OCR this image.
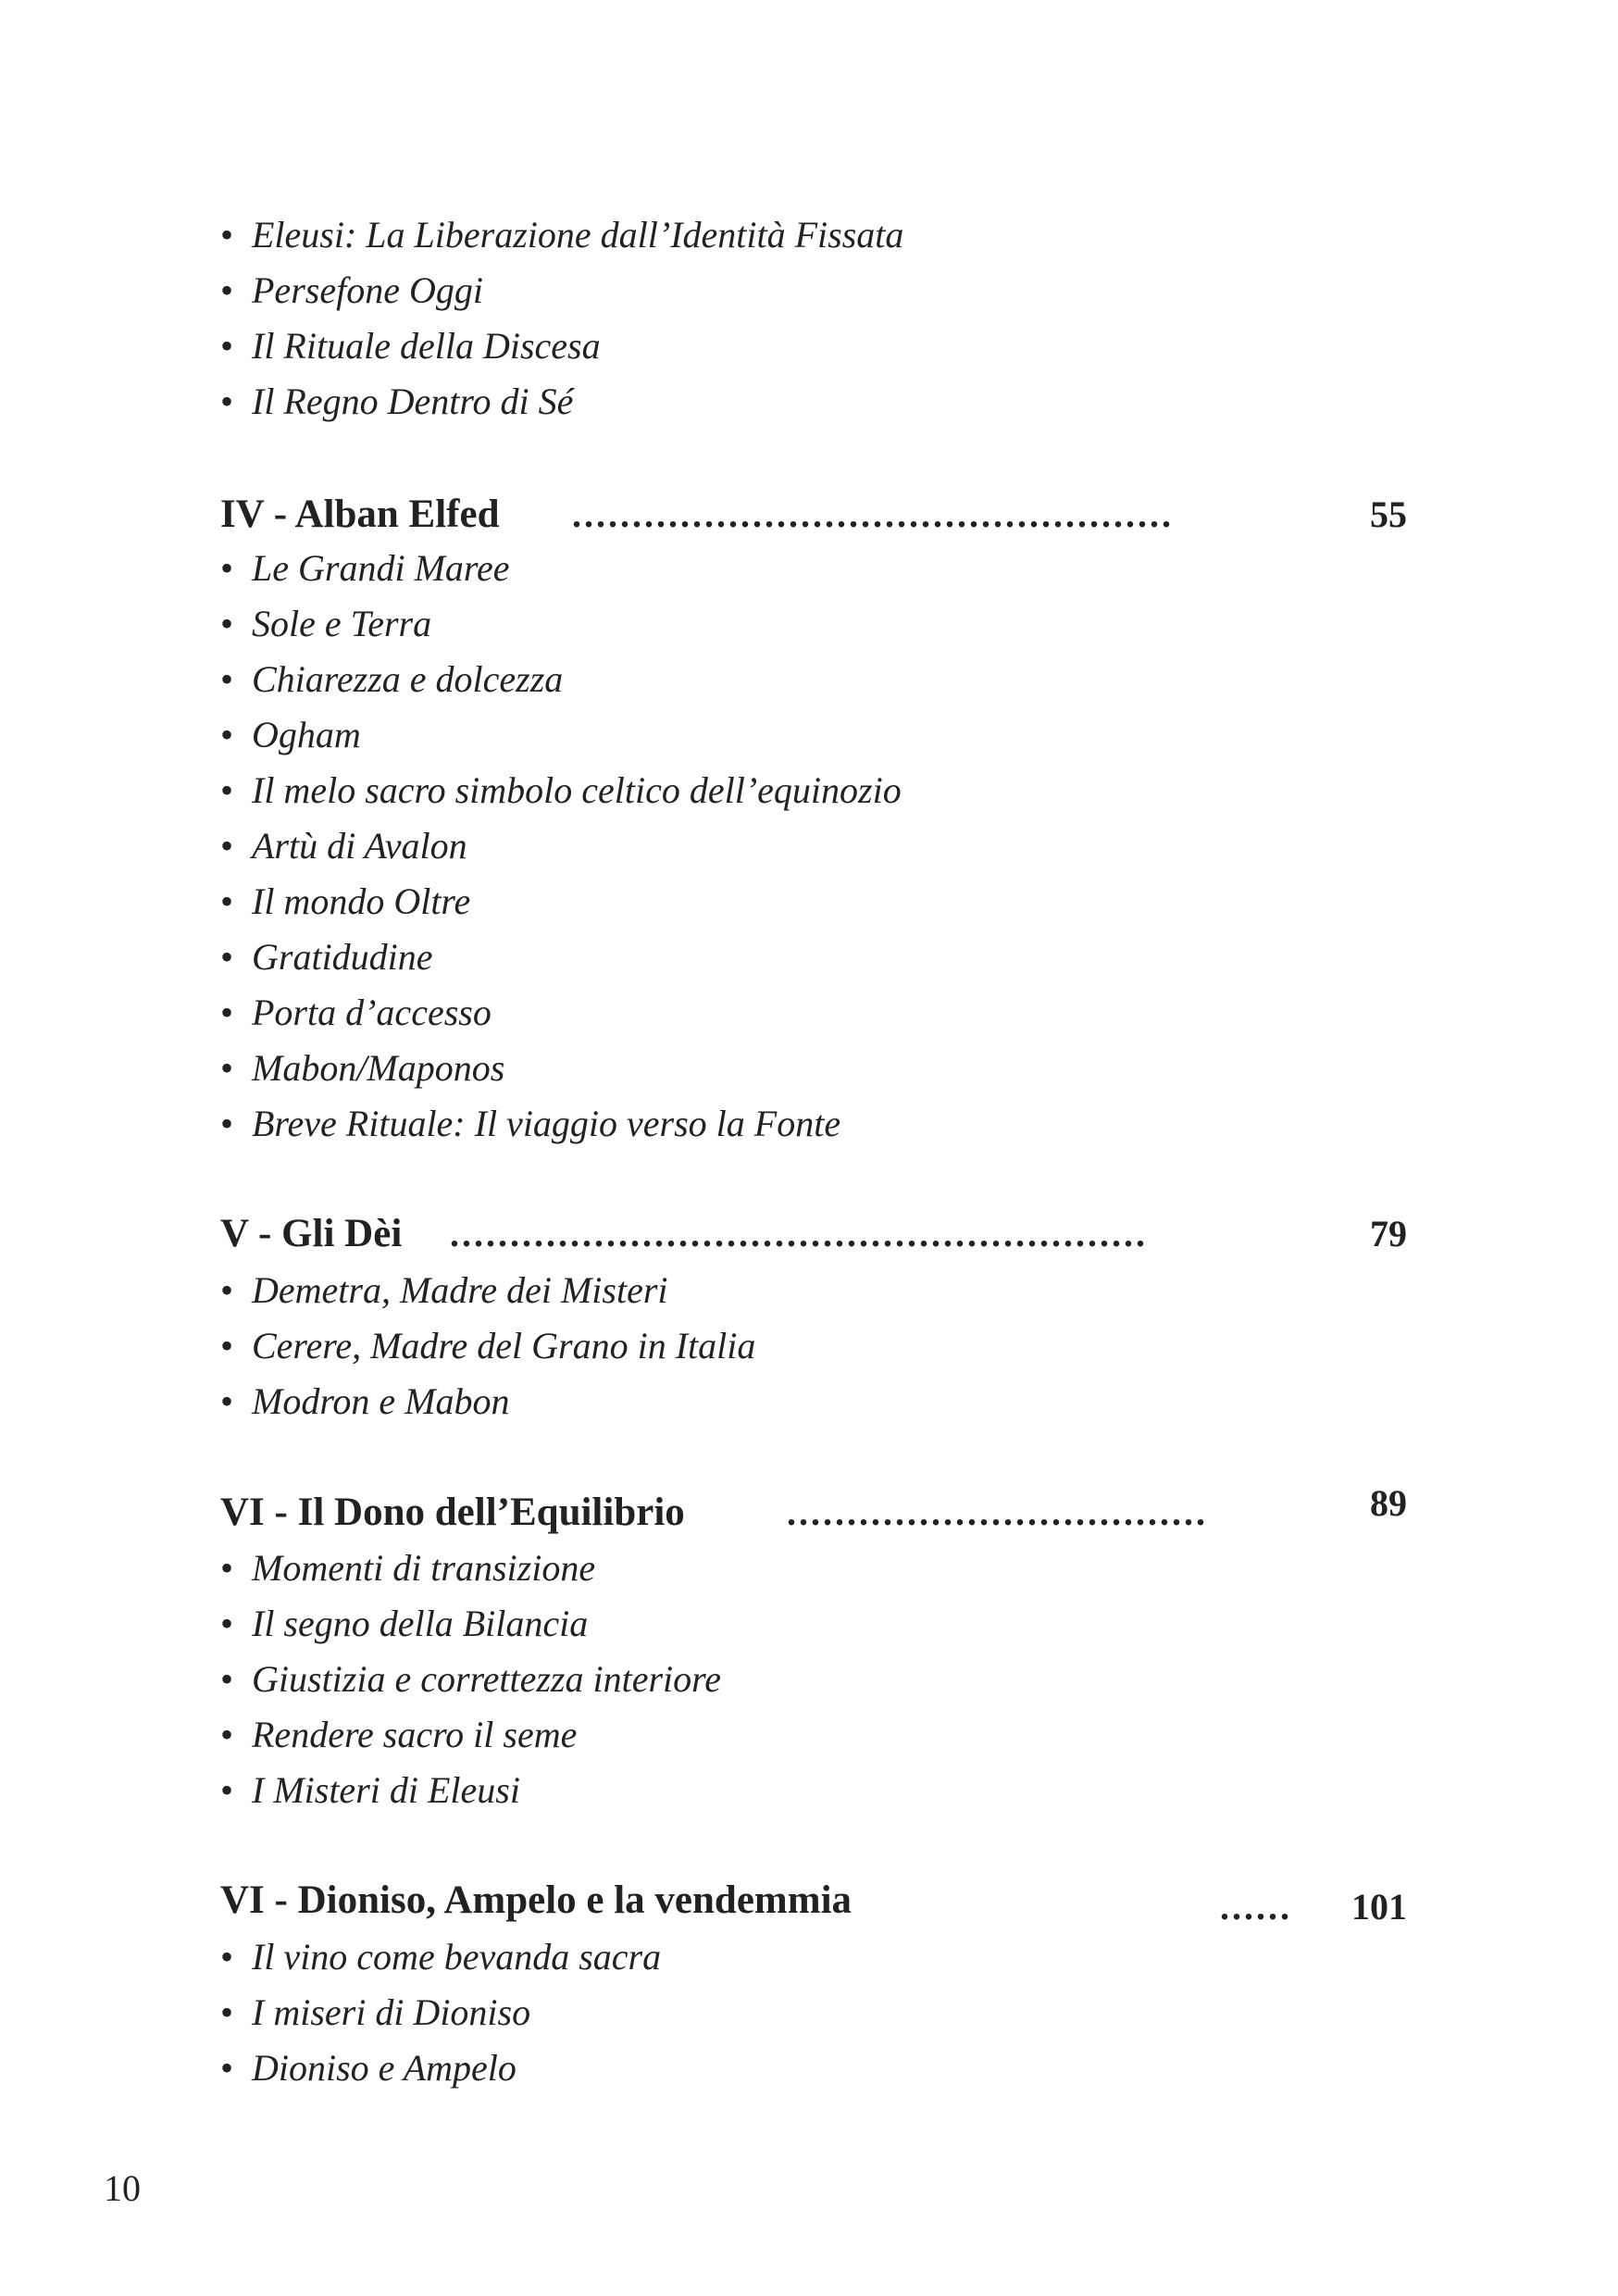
• Eleusi: La Liberazione dall’Identità Fissata
• Persefone Oggi
• Il Rituale della Discesa
• Il Regno Dentro di Sé
IV - Alban Elfed ..................................................	55
• Le Grandi Maree
• Sole e Terra
• Chiarezza e dolcezza
• Ogham
• Il melo sacro simbolo celtico dell’equinozio
• Artù di Avalon
• Il mondo Oltre
• Gratidudine
• Porta d’accesso
• Mabon/Maponos
• Breve Rituale: Il viaggio verso la Fonte
V - Gli Dèi ..........................................................	79
• Demetra, Madre dei Misteri
• Cerere, Madre del Grano in Italia
• Modron e Mabon
VI - Il Dono dell’Equilibrio	...................................	89
• Momenti di transizione
• Il segno della Bilancia
• Giustizia e correttezza interiore
• Rendere sacro il seme
• I Misteri di Eleusi
VI - Dioniso, Ampelo e la vendemmia	......	101
• Il vino come bevanda sacra
• I miseri di Dioniso
• Dioniso e Ampelo
10
